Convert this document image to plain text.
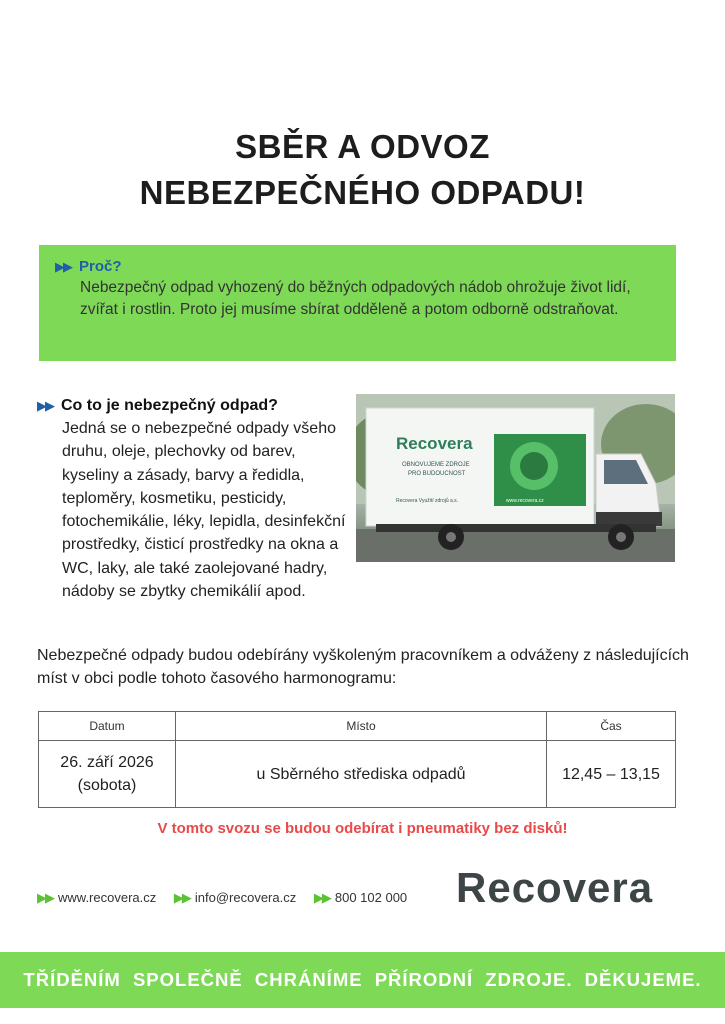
SBĚR A ODVOZ
NEBEZPEČNÉHO ODPADU!
▶▶ Proč?
Nebezpečný odpad vyhozený do běžných odpadových nádob ohrožuje život lidí, zvířat i rostlin. Proto jej musíme sbírat odděleně a potom odborně odstraňovat.
▶▶ Co to je nebezpečný odpad?
Jedná se o nebezpečné odpady všeho druhu, oleje, plechovky od barev, kyseliny a zásady, barvy a ředidla, teploměry, kosmetiku, pesticidy, fotochemikálie, léky, lepidla, desinfekční prostředky, čisticí prostředky na okna a WC, laky, ale také zaolejované hadry, nádoby se zbytky chemikálií apod.
Recovera
OBNOVUJEME ZDROJE
PRO BUDOUCNOST
Recovera Využití zdrojů a.s.	www.recovera.cz
Nebezpečné odpady budou odebírány vyškoleným pracovníkem a odváženy z následujících míst v obci podle tohoto časového harmonogramu:
Datum	Místo	Čas

26. září 2026
(sobota)	u Sběrného střediska odpadů	12,45 – 13,15
V tomto svozu se budou odebírat i pneumatiky bez disků!
▶▶ www.recovera.cz ▶▶ info@recovera.cz ▶▶ 800 102 000	Recovera
TŘÍDĚNÍM SPOLEČNĚ CHRÁNÍME PŘÍRODNÍ ZDROJE. DĚKUJEME.
